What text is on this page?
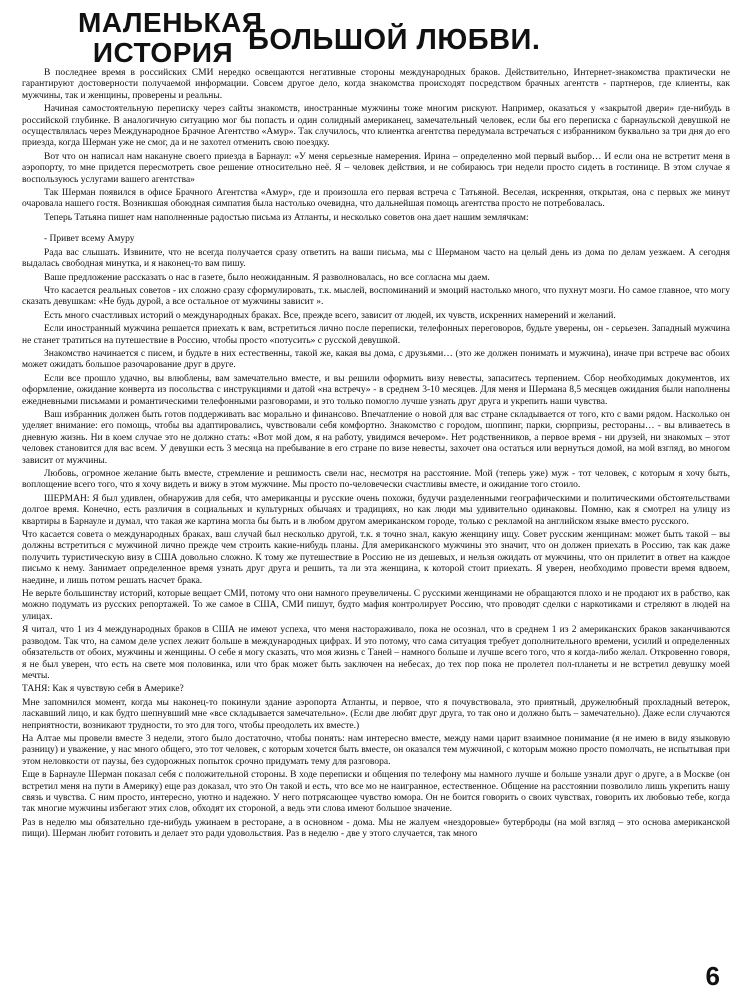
МАЛЕНЬКАЯ
ИСТОРИЯ БОЛЬШОЙ ЛЮБВИ.

В последнее время в российских СМИ нередко освещаются негативные стороны международных браков. Действительно, Интернет-знакомства практически не гарантируют достоверности получаемой информации. Совсем другое дело, когда знакомства происходят посредством брачных агентств - партнеров, где клиенты, как мужчины, так и женщины, проверены и реальны.

Начиная самостоятельную переписку через сайты знакомств, иностранные мужчины тоже многим рискуют. Например, оказаться у «закрытой двери» где-нибудь в российской глубинке. В аналогичную ситуацию мог бы попасть и один солидный американец, замечательный человек, если бы его переписка с барнаульской девушкой не осуществлялась через Международное Брачное Агентство «Амур». Так случилось, что клиентка агентства передумала встречаться с избранником буквально за три дня до его приезда, когда Шерман уже не смог, да и не захотел отменить свою поездку.

Вот что он написал нам накануне своего приезда в Барнаул: «У меня серьезные намерения. Ирина – определенно мой первый выбор… И если она не встретит меня в аэропорту, то мне придется пересмотреть свое решение относительно неё. Я – человек действия, и не собираюсь три недели просто сидеть в гостинице. В этом случае я воспользуюсь услугами вашего агентства»

Так Шерман появился в офисе Брачного Агентства «Амур», где и произошла его первая встреча с Татьяной. Веселая, искренняя, открытая, она с первых же минут очаровала нашего гостя. Возникшая обоюдная симпатия была настолько очевидна, что дальнейшая помощь агентства просто не потребовалась.

Теперь Татьяна пишет нам наполненные радостью письма из Атланты, и несколько советов она дает нашим землячкам:

- Привет всему Амуру

Рада вас слышать. Извините, что не всегда получается сразу ответить на ваши письма, мы с Шерманом часто на целый день из дома по делам уезжаем. А сегодня выдалась свободная минутка, и я наконец-то вам пишу.

Ваше предложение рассказать о нас в газете, было неожиданным. Я разволновалась, но все согласна мы даем.

Что касается реальных советов - их сложно сразу сформулировать, т.к. мыслей, воспоминаний и эмоций настолько много, что пухнут мозги. Но самое главное, что могу сказать девушкам: «Не будь дурой, а все остальное от мужчины зависит ».

Есть много счастливых историй о международных браках. Все, прежде всего, зависит от людей, их чувств, искренних намерений и желаний.

Если иностранный мужчина решается приехать к вам, встретиться лично после переписки, телефонных переговоров, будьте уверены, он - серьезен. Западный мужчина не станет тратиться на путешествие в Россию, чтобы просто «потусить» с русской девушкой.

Знакомство начинается с писем, и будьте в них естественны, такой же, какая вы дома, с друзьями… (это же должен понимать и мужчина), иначе при встрече вас обоих может ожидать большое разочарование друг в друге.

Если все прошло удачно, вы влюблены, вам замечательно вместе, и вы решили оформить визу невесты, запаситесь терпением. Сбор необходимых документов, их оформление, ожидание конверта из посольства с инструкциями и датой «на встречу» - в среднем 3-10 месяцев. Для меня и Шермана 8,5 месяцев ожидания были наполнены ежедневными письмами и романтическими телефонными разговорами, и это только помогло лучше узнать друг друга и укрепить наши чувства.

Ваш избранник должен быть готов поддерживать вас морально и финансово. Впечатление о новой для вас стране складывается от того, кто с вами рядом. Насколько он уделяет внимание: его помощь, чтобы вы адаптировались, чувствовали себя комфортно. Знакомство с городом, шоппинг, парки, сюрпризы, рестораны… - вы вливаетесь в дневную жизнь. Ни в коем случае это не должно стать: «Вот мой дом, я на работу, увидимся вечером». Нет родственников, а первое время - ни друзей, ни знакомых – этот человек становится для вас всем. У девушки есть 3 месяца на пребывание в его стране по визе невесты, захочет она остаться или вернуться домой, на мой взгляд, во многом зависит от мужчины.

Любовь, огромное желание быть вместе, стремление и решимость свели нас, несмотря на расстояние. Мой (теперь уже) муж - тот человек, с которым я хочу быть, воплощение всего того, что я хочу видеть и вижу в этом мужчине. Мы просто по-человечески счастливы вместе, и ожидание того стоило.

ШЕРМАН: Я был удивлен, обнаружив для себя, что американцы и русские очень похожи, будучи разделенными географическими и политическими обстоятельствами долгое время. Конечно, есть различия в социальных и культурных обычаях и традициях, но как люди мы удивительно одинаковы. Помню, как я смотрел на улицу из квартиры в Барнауле и думал, что такая же картина могла бы быть и в любом другом американском городе, только с рекламой на английском языке вместо русского.

Что касается совета о международных браках, ваш случай был несколько другой, т.к. я точно знал, какую женщину ищу. Совет русским женщинам: может быть такой – вы должны встретиться с мужчиной лично прежде чем строить какие-нибудь планы. Для американского мужчины это значит, что он должен приехать в Россию, так как даже получить туристическую визу в США довольно сложно. К тому же путешествие в Россию не из дешевых, и нельзя ожидать от мужчины, что он прилетит в ответ на каждое письмо к нему. Занимает определенное время узнать друг друга и решить, та ли эта женщина, к которой стоит приехать. Я уверен, необходимо провести время вдвоем, наедине, и лишь потом решать насчет брака.

Не верьте большинству историй, которые вещает СМИ, потому что они намного преувеличены. С русскими женщинами не обращаются плохо и не продают их в рабство, как можно подумать из русских репортажей. То же самое в США, СМИ пишут, будто мафия контролирует Россию, что проводят сделки с наркотиками и стреляют в людей на улицах.

Я читал, что 1 из 4 международных браков в США не имеют успеха, что меня настораживало, пока не осознал, что в среднем 1 из 2 американских браков заканчиваются разводом. Так что, на самом деле успех лежит больше в международных цифрах. И это потому, что сама ситуация требует дополнительного времени, усилий и определенных обязательств от обоих, мужчины и женщины. О себе я могу сказать, что моя жизнь с Таней – намного больше и лучше всего того, что я когда-либо желал. Откровенно говоря, я не был уверен, что есть на свете моя половинка, или что брак может быть заключен на небесах, до тех пор пока не пролетел пол-планеты и не встретил девушку моей мечты.

ТАНЯ: Как я чувствую себя в Америке?

Мне запомнился момент, когда мы наконец-то покинули здание аэропорта Атланты, и первое, что я почувствовала, это приятный, дружелюбный прохладный ветерок, ласкавший лицо, и как будто шепнувший мне «все складывается замечательно». (Если две любят друг друга, то так оно и должно быть – замечательно). Даже если случаются неприятности, возникают трудности, то это для того, чтобы преодолеть их вместе.)

На Алтае мы провели вместе 3 недели, этого было достаточно, чтобы понять: нам интересно вместе, между нами царит взаимное понимание (я не имею в виду языковую разницу) и уважение, у нас много общего, это тот человек, с которым хочется быть вместе, он оказался тем мужчиной, с которым можно просто помолчать, не испытывая при этом неловкости от паузы, без судорожных попыток срочно придумать тему для разговора.

Еще в Барнауле Шерман показал себя с положительной стороны. В ходе переписки и общения по телефону мы намного лучше и больше узнали друг о друге, а в Москве (он встретил меня на пути в Америку) еще раз доказал, что это Он такой и есть, что все мо не наигранное, естественное. Общение на расстоянии позволило лишь укрепить нашу связь и чувства. С ним просто, интересно, уютно и надежно. У него потрясающее чувство юмора. Он не боится говорить о своих чувствах, говорить их любовью тебе, когда так многие мужчины избегают этих слов, обходят их стороной, а ведь эти слова имеют большое значение.

Раз в неделю мы обязательно где-нибудь ужинаем в ресторане, а в основном - дома. Мы не жалуем «нездоровые» бутерброды (на мой взгляд – это основа американской пищи). Шерман любит готовить и делает это ради удовольствия. Раз в неделю - две у этого случается, так много

6
